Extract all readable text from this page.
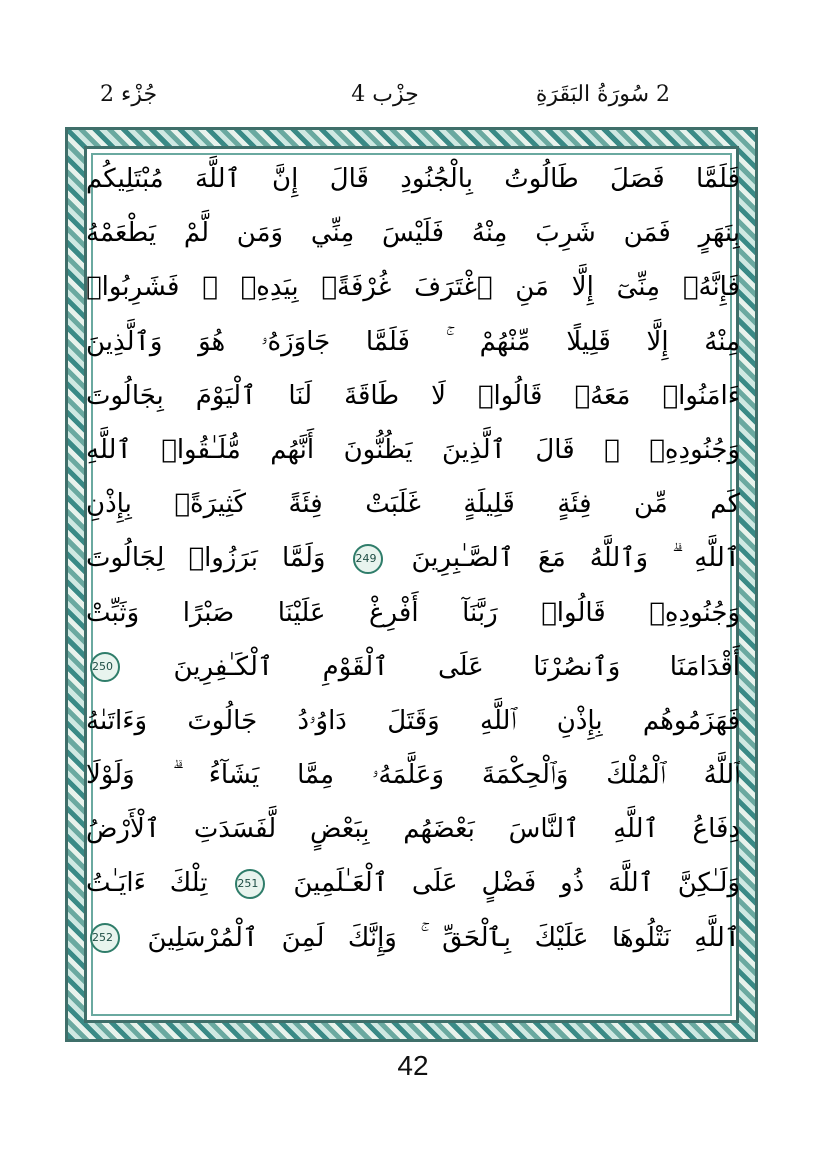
2 سُورَةُ البَقَرَةِ
حِزْب 4
جُزْء 2
فَلَمَّا فَصَلَ طَالُوتُ بِالْجُنُودِ قَالَ إِنَّ ٱللَّهَ مُبْتَلِيكُم
بِنَهَرٍ فَمَن شَرِبَ مِنْهُ فَلَيْسَ مِنِّي وَمَن لَّمْ يَطْعَمْهُ
فَإِنَّهُۥ مِنِّىٓ إِلَّا مَنِ ٱغْتَرَفَ غُرْفَةًۢ بِيَدِهِۦ ۚ فَشَرِبُوا۟
مِنْهُ إِلَّا قَلِيلًا مِّنْهُمْ ۚ فَلَمَّا جَاوَزَهُۥ هُوَ وَٱلَّذِينَ
ءَامَنُوا۟ مَعَهُۥ قَالُوا۟ لَا طَاقَةَ لَنَا ٱلْيَوْمَ بِجَالُوتَ
وَجُنُودِهِۦ ۚ قَالَ ٱلَّذِينَ يَظُنُّونَ أَنَّهُم مُّلَـٰقُوا۟ ٱللَّهِ
كَم مِّن فِئَةٍ قَلِيلَةٍ غَلَبَتْ فِئَةً كَثِيرَةًۢ بِإِذْنِ
ٱللَّهِ ۗ وَٱللَّهُ مَعَ ٱلصَّـٰبِرِينَ 249 وَلَمَّا بَرَزُوا۟ لِجَالُوتَ
وَجُنُودِهِۦ قَالُوا۟ رَبَّنَآ أَفْرِغْ عَلَيْنَا صَبْرًا وَثَبِّتْ
أَقْدَامَنَا وَٱنصُرْنَا عَلَى ٱلْقَوْمِ ٱلْكَـٰفِرِينَ 250
فَهَزَمُوهُم بِإِذْنِ ٱللَّهِ وَقَتَلَ دَاوُۥدُ جَالُوتَ وَءَاتَىٰهُ
ٱللَّهُ ٱلْمُلْكَ وَٱلْحِكْمَةَ وَعَلَّمَهُۥ مِمَّا يَشَآءُ ۗ وَلَوْلَا
دِفَاعُ ٱللَّهِ ٱلنَّاسَ بَعْضَهُم بِبَعْضٍ لَّفَسَدَتِ ٱلْأَرْضُ
وَلَـٰكِنَّ ٱللَّهَ ذُو فَضْلٍ عَلَى ٱلْعَـٰلَمِينَ 251 تِلْكَ ءَايَـٰتُ
ٱللَّهِ نَتْلُوهَا عَلَيْكَ بِٱلْحَقِّ ۚ وَإِنَّكَ لَمِنَ ٱلْمُرْسَلِينَ 252
42
